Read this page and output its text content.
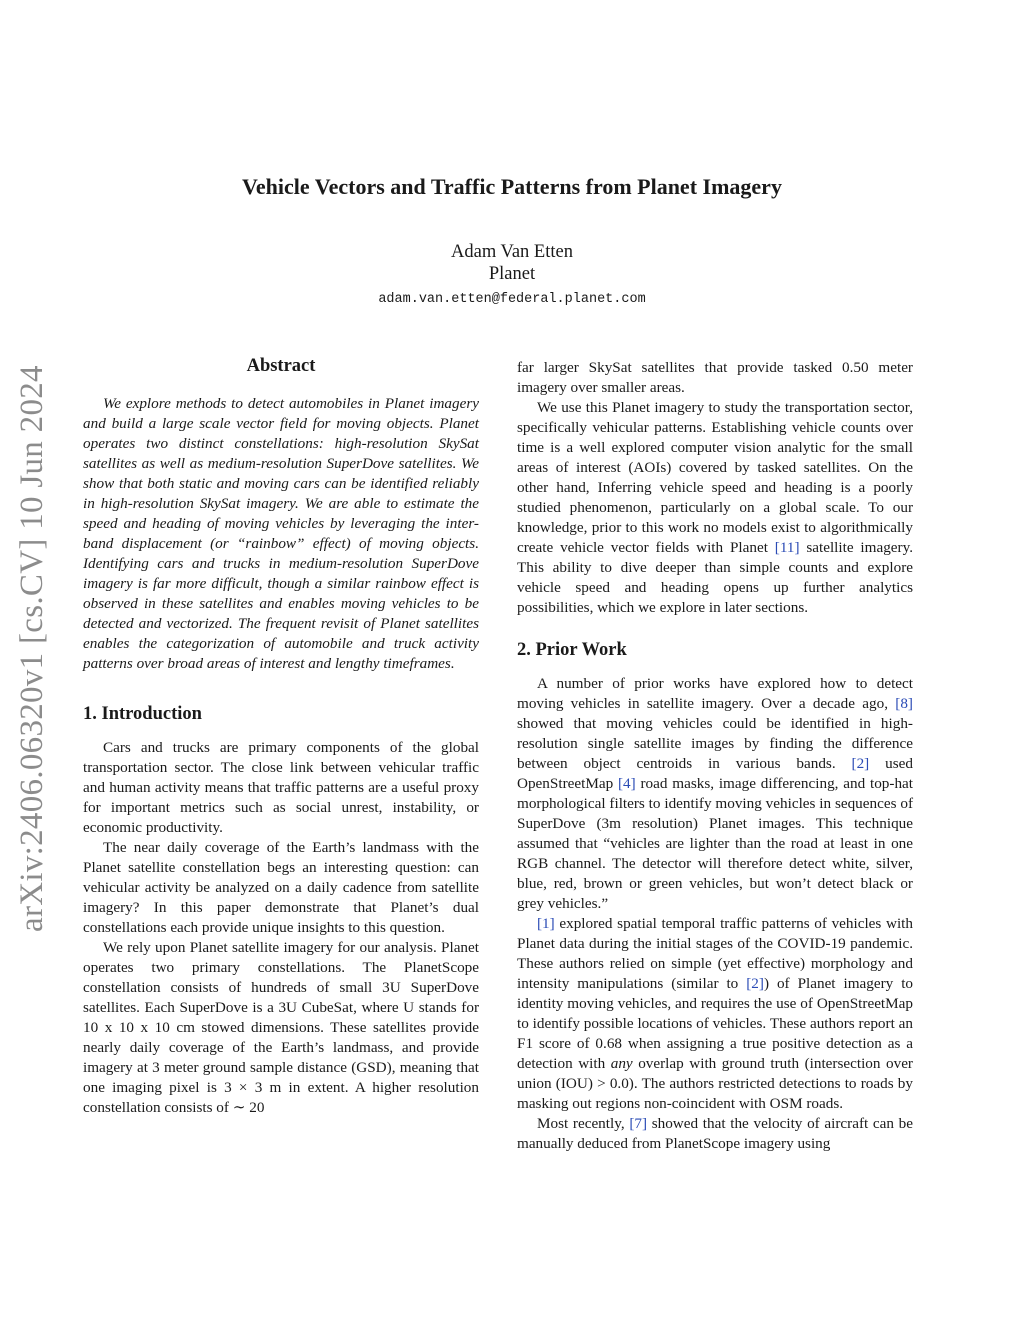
arXiv:2406.06320v1 [cs.CV] 10 Jun 2024
Vehicle Vectors and Traffic Patterns from Planet Imagery
Adam Van Etten
Planet
adam.van.etten@federal.planet.com
Abstract

We explore methods to detect automobiles in Planet imagery and build a large scale vector field for moving objects. Planet operates two distinct constellations: high-resolution SkySat satellites as well as medium-resolution SuperDove satellites. We show that both static and moving cars can be identified reliably in high-resolution SkySat imagery. We are able to estimate the speed and heading of moving vehicles by leveraging the inter-band displacement (or “rainbow” effect) of moving objects. Identifying cars and trucks in medium-resolution SuperDove imagery is far more difficult, though a similar rainbow effect is observed in these satellites and enables moving vehicles to be detected and vectorized. The frequent revisit of Planet satellites enables the categorization of automobile and truck activity patterns over broad areas of interest and lengthy timeframes.

1. Introduction

Cars and trucks are primary components of the global transportation sector. The close link between vehicular traffic and human activity means that traffic patterns are a useful proxy for important metrics such as social unrest, instability, or economic productivity.

The near daily coverage of the Earth’s landmass with the Planet satellite constellation begs an interesting question: can vehicular activity be analyzed on a daily cadence from satellite imagery? In this paper demonstrate that Planet’s dual constellations each provide unique insights to this question.

We rely upon Planet satellite imagery for our analysis. Planet operates two primary constellations. The PlanetScope constellation consists of hundreds of small 3U SuperDove satellites. Each SuperDove is a 3U CubeSat, where U stands for 10 x 10 x 10 cm stowed dimensions. These satellites provide nearly daily coverage of the Earth’s landmass, and provide imagery at 3 meter ground sample distance (GSD), meaning that one imaging pixel is 3 × 3 m in extent. A higher resolution constellation consists of ∼ 20

far larger SkySat satellites that provide tasked 0.50 meter imagery over smaller areas.

We use this Planet imagery to study the transportation sector, specifically vehicular patterns. Establishing vehicle counts over time is a well explored computer vision analytic for the small areas of interest (AOIs) covered by tasked satellites. On the other hand, Inferring vehicle speed and heading is a poorly studied phenomenon, particularly on a global scale. To our knowledge, prior to this work no models exist to algorithmically create vehicle vector fields with Planet [11] satellite imagery. This ability to dive deeper than simple counts and explore vehicle speed and heading opens up further analytics possibilities, which we explore in later sections.

2. Prior Work

A number of prior works have explored how to detect moving vehicles in satellite imagery. Over a decade ago, [8] showed that moving vehicles could be identified in high-resolution single satellite images by finding the difference between object centroids in various bands. [2] used OpenStreetMap [4] road masks, image differencing, and top-hat morphological filters to identify moving vehicles in sequences of SuperDove (3m resolution) Planet images. This technique assumed that “vehicles are lighter than the road at least in one RGB channel. The detector will therefore detect white, silver, blue, red, brown or green vehicles, but won’t detect black or grey vehicles.”

[1] explored spatial temporal traffic patterns of vehicles with Planet data during the initial stages of the COVID-19 pandemic. These authors relied on simple (yet effective) morphology and intensity manipulations (similar to [2]) of Planet imagery to identity moving vehicles, and requires the use of OpenStreetMap to identify possible locations of vehicles. These authors report an F1 score of 0.68 when assigning a true positive detection as a detection with any overlap with ground truth (intersection over union (IOU) > 0.0). The authors restricted detections to roads by masking out regions non-coincident with OSM roads.

Most recently, [7] showed that the velocity of aircraft can be manually deduced from PlanetScope imagery using
